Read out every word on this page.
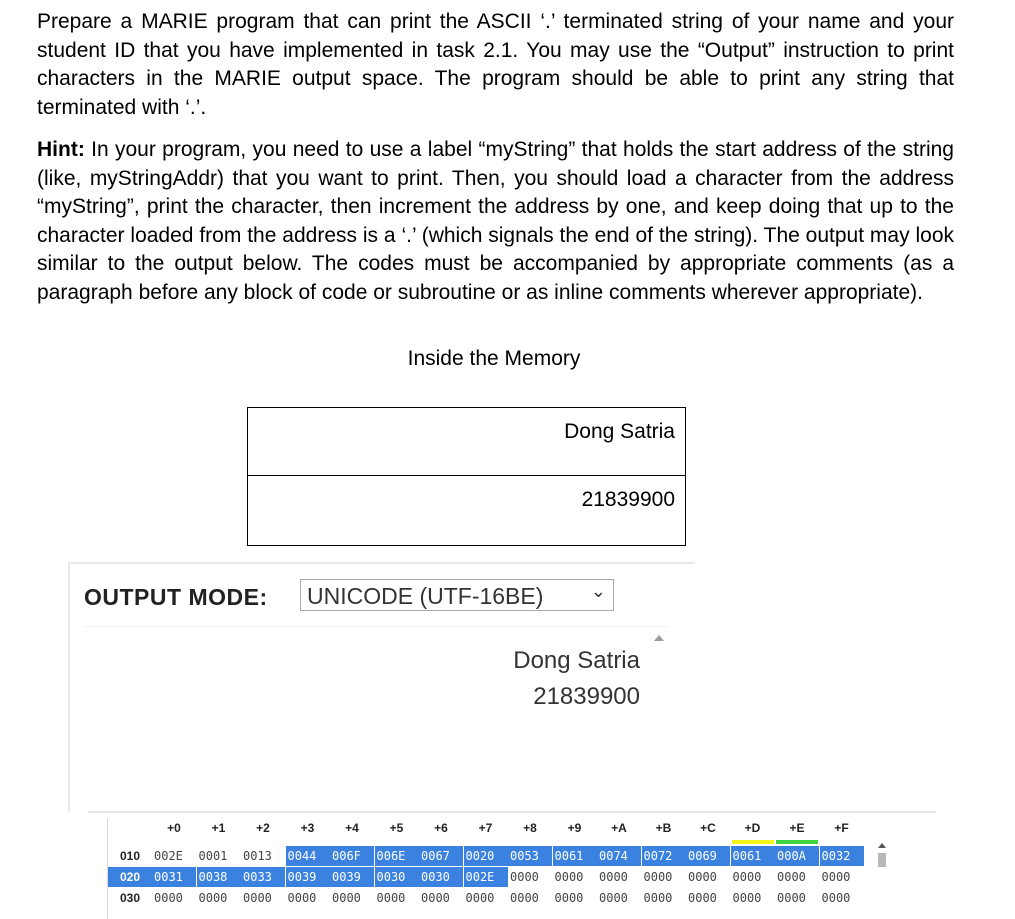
Prepare a MARIE program that can print the ASCII ‘.’ terminated string of your name and your student ID that you have implemented in task 2.1. You may use the “Output” instruction to print characters in the MARIE output space. The program should be able to print any string that terminated with ‘.’.

Hint: In your program, you need to use a label “myString” that holds the start address of the string (like, myStringAddr) that you want to print. Then, you should load a character from the address “myString”, print the character, then increment the address by one, and keep doing that up to the character loaded from the address is a ‘.’ (which signals the end of the string). The output may look similar to the output below. The codes must be accompanied by appropriate comments (as a paragraph before any block of code or subroutine or as inline comments wherever appropriate).

Inside the Memory
Dong Satria
21839900
OUTPUT MODE:	UNICODE (UTF-16BE)	⌄
Dong Satria
21839900
+0	+1	+2	+3	+4	+5	+6	+7	+8	+9	+A	+B	+C	+D	+E	+F
010	002E	0001	0013	0044	006F	006E	0067	0020	0053	0061	0074	0072	0069	0061	000A	0032
020	0031	0038	0033	0039	0039	0030	0030	002E	0000	0000	0000	0000	0000	0000	0000	0000
030	0000	0000	0000	0000	0000	0000	0000	0000	0000	0000	0000	0000	0000	0000	0000	0000
